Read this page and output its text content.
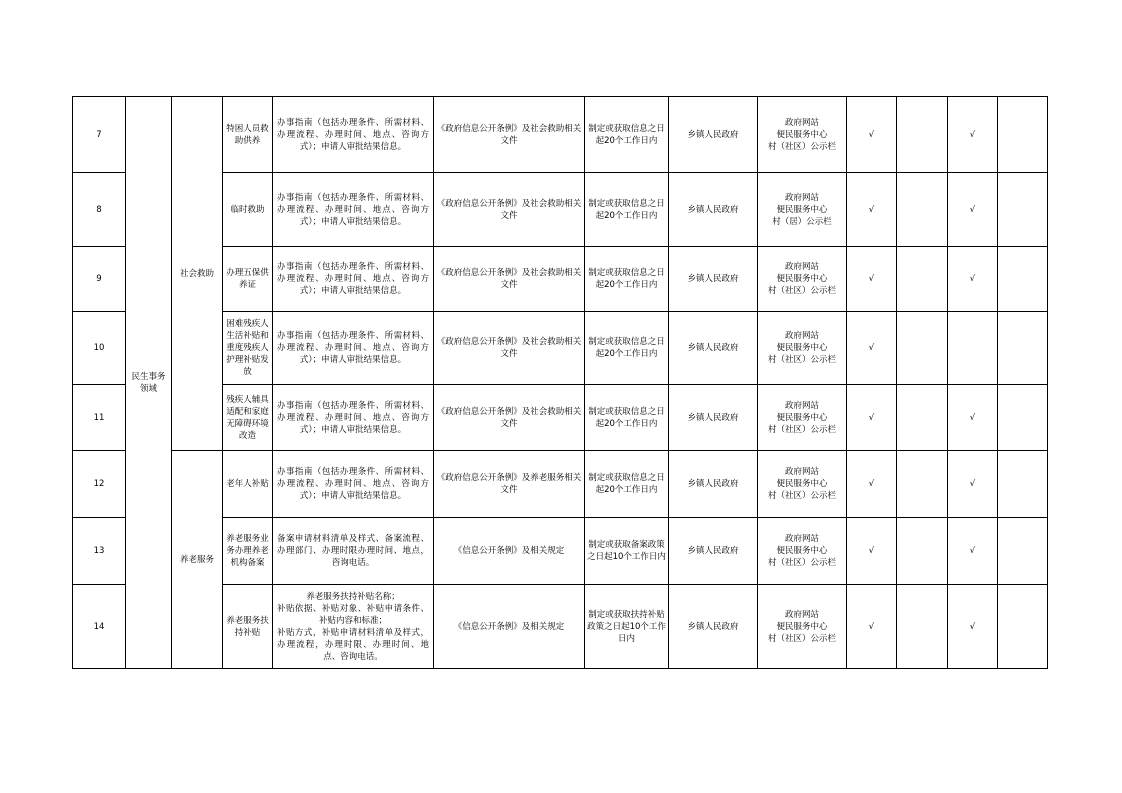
7	民生事务
领域	社会救助	特困人员救
助供养	办事指南（包括办理条件、所需材料、办理流程、办理时间、地点、咨询方式）；申请人审批结果信息。	《政府信息公开条例》及社会救助相关文件	制定或获取信息之日起20个工作日内	乡镇人民政府	政府网站
便民服务中心
村（社区）公示栏	√		√	
8			临时救助	办事指南（包括办理条件、所需材料、办理流程、办理时间、地点、咨询方式）；申请人审批结果信息。	《政府信息公开条例》及社会救助相关文件	制定或获取信息之日起20个工作日内	乡镇人民政府	政府网站
便民服务中心
村（居）公示栏	√		√	
9			办理五保供
养证	办事指南（包括办理条件、所需材料、办理流程、办理时间、地点、咨询方式）；申请人审批结果信息。	《政府信息公开条例》及社会救助相关文件	制定或获取信息之日起20个工作日内	乡镇人民政府	政府网站
便民服务中心
村（社区）公示栏	√		√	
10			困难残疾人
生活补贴和
重度残疾人
护理补贴发
放	办事指南（包括办理条件、所需材料、办理流程、办理时间、地点、咨询方式）；申请人审批结果信息。	《政府信息公开条例》及社会救助相关文件	制定或获取信息之日起20个工作日内	乡镇人民政府	政府网站
便民服务中心
村（社区）公示栏	√			
11			残疾人辅具
适配和家庭
无障碍环境
改造	办事指南（包括办理条件、所需材料、办理流程、办理时间、地点、咨询方式）；申请人审批结果信息。	《政府信息公开条例》及社会救助相关文件	制定或获取信息之日起20个工作日内	乡镇人民政府	政府网站
便民服务中心
村（社区）公示栏	√		√	
12		养老服务	老年人补贴	办事指南（包括办理条件、所需材料、办理流程、办理时间、地点、咨询方式）；申请人审批结果信息。	《政府信息公开条例》及养老服务相关文件	制定或获取信息之日起20个工作日内	乡镇人民政府	政府网站
便民服务中心
村（社区）公示栏	√		√	
13			养老服务业
务办理养老
机构备案	备案申请材料清单及样式、备案流程、办理部门、办理时限办理时间、地点，咨询电话。	《信息公开条例》及相关规定	制定或获取备案政策之日起10个工作日内	乡镇人民政府	政府网站
便民服务中心
村（社区）公示栏	√		√	
14			养老服务扶
持补贴	养老服务扶持补贴名称；
补贴依据、补贴对象、补贴申请条件、补贴内容和标准；
补贴方式，补贴申请材料清单及样式，办理流程，办理时限、办理时间、地点、咨询电话。	《信息公开条例》及相关规定	制定或获取扶持补贴政策之日起10个工作日内	乡镇人民政府	政府网站
便民服务中心
村（社区）公示栏	√		√	
